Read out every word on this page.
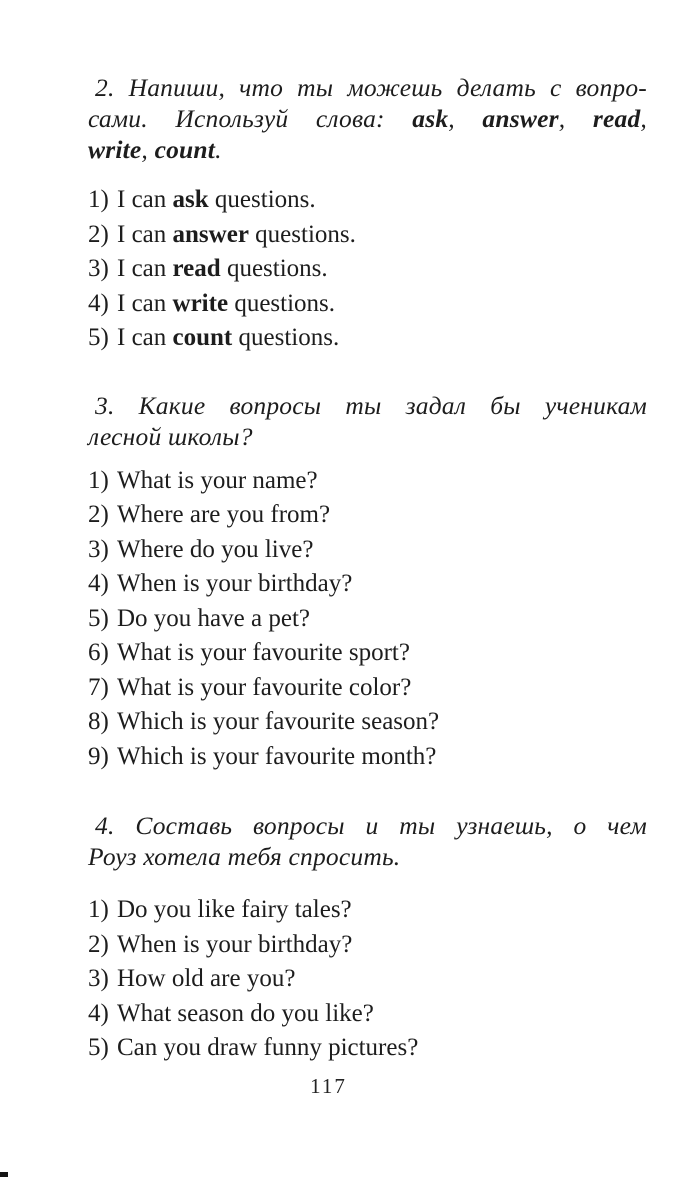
2. Напиши, что ты можешь делать с вопро-
сами. Используй слова: ask, answer, read,
write, count.
1) I can ask questions.
2) I can answer questions.
3) I can read questions.
4) I can write questions.
5) I can count questions.
3. Какие вопросы ты задал бы ученикам
лесной школы?
1) What is your name?
2) Where are you from?
3) Where do you live?
4) When is your birthday?
5) Do you have a pet?
6) What is your favourite sport?
7) What is your favourite color?
8) Which is your favourite season?
9) Which is your favourite month?
4. Составь вопросы и ты узнаешь, о чем
Роуз хотела тебя спросить.
1) Do you like fairy tales?
2) When is your birthday?
3) How old are you?
4) What season do you like?
5) Can you draw funny pictures?
117
